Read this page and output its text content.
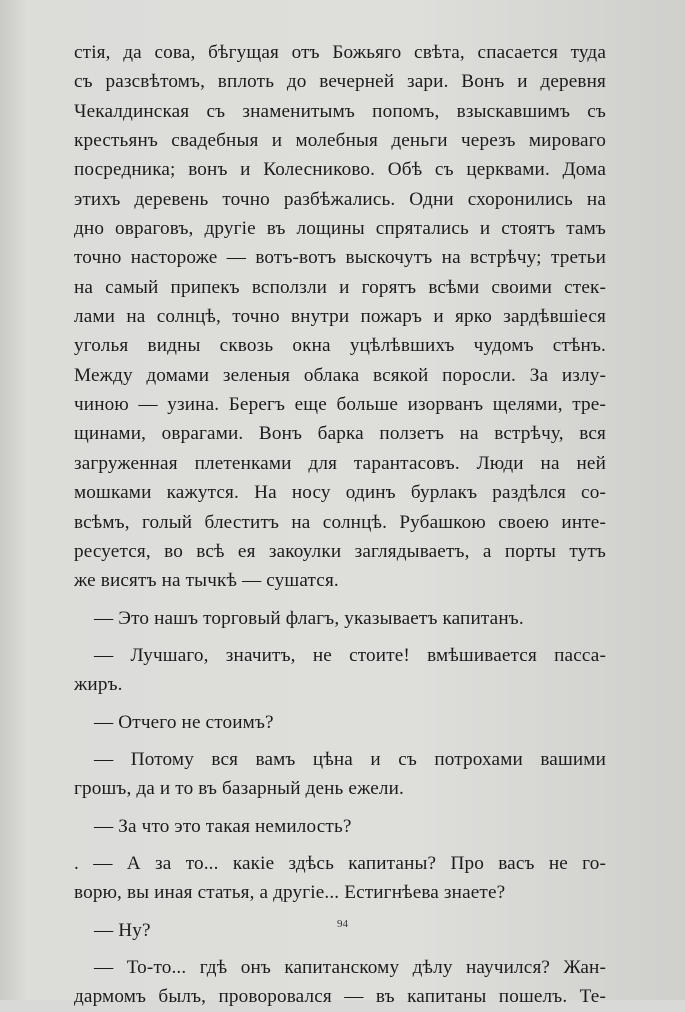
стія, да сова, бѣгущая отъ Божьяго свѣта, спасается туда
съ разсвѣтомъ, вплоть до вечерней зари. Вонъ и деревня
Чекалдинская съ знаменитымъ попомъ, взыскавшимъ съ
крестьянъ свадебныя и молебныя деньги черезъ мироваго
посредника; вонъ и Колесниково. Обѣ съ церквами. Дома
этихъ деревень точно разбѣжались. Одни схоронились на
дно овраговъ, другіе въ лощины спрятались и стоятъ тамъ
точно настороже — вотъ-вотъ выскочутъ на встрѣчу; третьи
на самый припекъ всползли и горятъ всѣми своими стек-
лами на солнцѣ, точно внутри пожаръ и ярко зардѣвшіеся
уголья видны сквозь окна уцѣлѣвшихъ чудомъ стѣнъ.
Между домами зеленыя облака всякой поросли. За излу-
чиною — узина. Берегъ еще больше изорванъ щелями, тре-
щинами, оврагами. Вонъ барка ползетъ на встрѣчу, вся
загруженная плетенками для тарантасовъ. Люди на ней
мошками кажутся. На носу одинъ бурлакъ раздѣлся со-
всѣмъ, голый блеститъ на солнцѣ. Рубашкою своею инте-
ресуется, во всѣ ея закоулки заглядываетъ, а порты тутъ
же висятъ на тычкѣ — сушатся.
— Это нашъ торговый флагъ, указываетъ капитанъ.
— Лучшаго, значитъ, не стоите! вмѣшивается пасса-
жиръ.
— Отчего не стоимъ?
— Потому вся вамъ цѣна и съ потрохами вашими
грошъ, да и то въ базарный день ежели.
— За что это такая немилость?
. — А за то... какіе здѣсь капитаны? Про васъ не го-
ворю, вы иная статья, а другіе... Естигнѣева знаете?
— Ну?
— То-то... гдѣ онъ капитанскому дѣлу научился? Жан-
дармомъ былъ, проворовался — въ капитаны пошелъ. Те-
94
